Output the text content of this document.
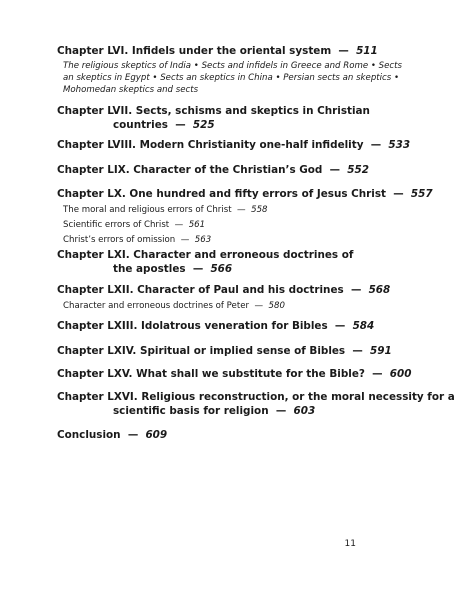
Chapter LVI. Infidels under the oriental system — 511
The religious skeptics of India • Sects and infidels in Greece and Rome • Sects
an skeptics in Egypt • Sects an skeptics in China • Persian sects an skeptics •
Mohomedan skeptics and sects
Chapter LVII. Sects, schisms and skeptics in Christian
countries — 525
Chapter LVIII. Modern Christianity one-half infidelity — 533
Chapter LIX. Character of the Christian’s God — 552
Chapter LX. One hundred and fifty errors of Jesus Christ — 557
The moral and religious errors of Christ — 558
Scientific errors of Christ — 561
Christ’s errors of omission — 563
Chapter LXI. Character and erroneous doctrines of
the apostles — 566
Chapter LXII. Character of Paul and his doctrines — 568
Character and erroneous doctrines of Peter — 580
Chapter LXIII. Idolatrous veneration for Bibles — 584
Chapter LXIV. Spiritual or implied sense of Bibles — 591
Chapter LXV. What shall we substitute for the Bible? — 600
Chapter LXVI. Religious reconstruction, or the moral necessity for a
scientific basis for religion — 603
Conclusion — 609
11
